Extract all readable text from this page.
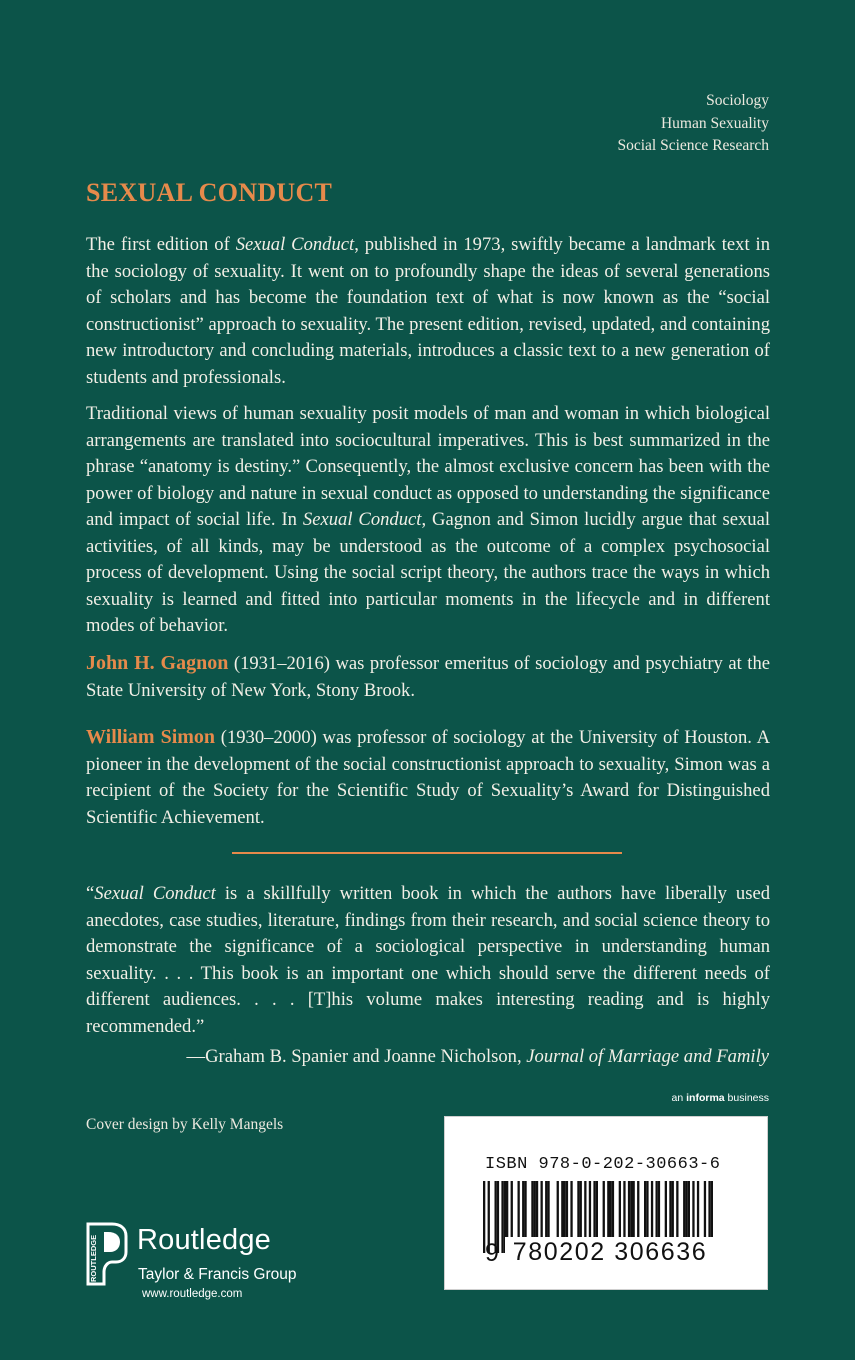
Sociology
Human Sexuality
Social Science Research
SEXUAL CONDUCT

The first edition of Sexual Conduct, published in 1973, swiftly became a landmark text in the sociology of sexuality. It went on to profoundly shape the ideas of several generations of scholars and has become the foundation text of what is now known as the “social constructionist” approach to sexuality. The present edition, revised, updated, and containing new introductory and concluding materials, introduces a classic text to a new generation of students and professionals.

Traditional views of human sexuality posit models of man and woman in which biological arrangements are translated into sociocultural imperatives. This is best summarized in the phrase “anatomy is destiny.” Consequently, the almost exclusive concern has been with the power of biology and nature in sexual conduct as opposed to understanding the significance and impact of social life. In Sexual Conduct, Gagnon and Simon lucidly argue that sexual activities, of all kinds, may be understood as the outcome of a complex psychosocial process of development. Using the social script theory, the authors trace the ways in which sexuality is learned and fitted into particular moments in the lifecycle and in different modes of behavior.

John H. Gagnon (1931–2016) was professor emeritus of sociology and psychiatry at the State University of New York, Stony Brook.

William Simon (1930–2000) was professor of sociology at the University of Houston. A pioneer in the development of the social constructionist approach to sexuality, Simon was a recipient of the Society for the Scientific Study of Sexuality’s Award for Distinguished Scientific Achievement.

“Sexual Conduct is a skillfully written book in which the authors have liberally used anecdotes, case studies, literature, findings from their research, and social science theory to demonstrate the significance of a sociological perspective in understanding human sexuality. . . . This book is an important one which should serve the different needs of different audiences. . . . [T]his volume makes interesting reading and is highly recommended.”

—Graham B. Spanier and Joanne Nicholson, Journal of Marriage and Family
an informa business
Cover design by Kelly Mangels
ISBN 978-0-202-30663-6
9 780202 306636
ROUTLEDGE Routledge
Taylor & Francis Group
www.routledge.com
